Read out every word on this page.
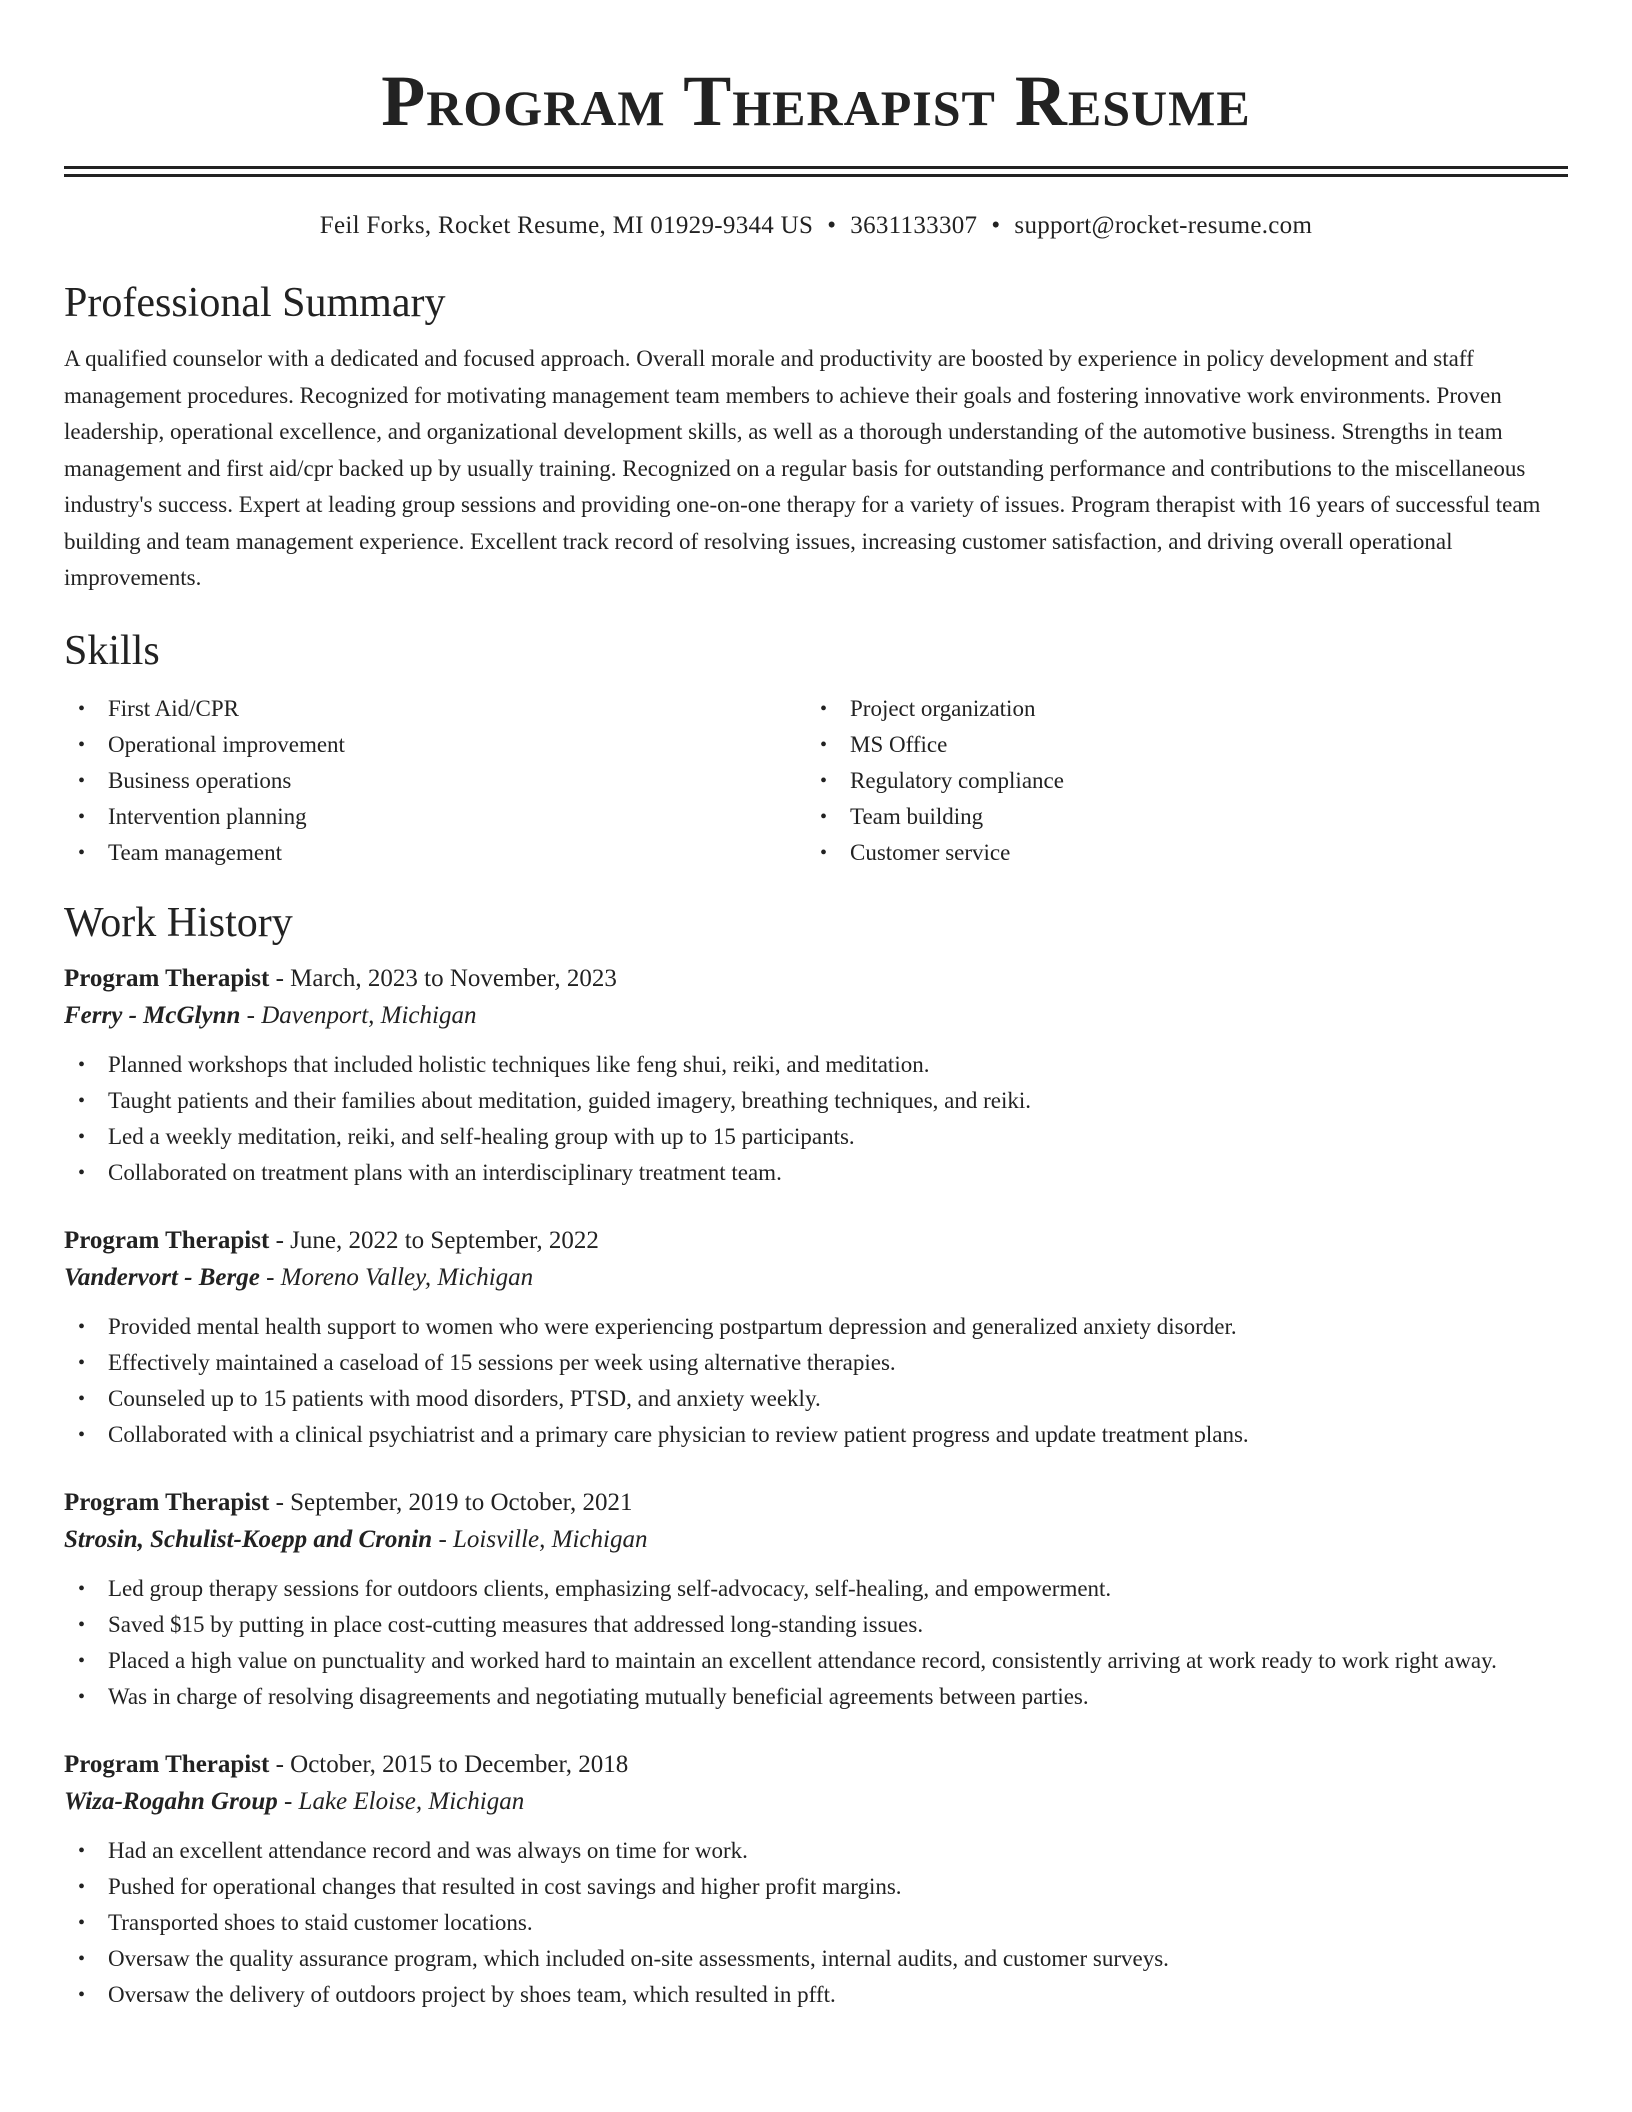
Program Therapist Resume
Feil Forks, Rocket Resume, MI 01929-9344 US • 3631133307 • support@rocket-resume.com
Professional Summary

A qualified counselor with a dedicated and focused approach. Overall morale and productivity are boosted by experience in policy development and staff management procedures. Recognized for motivating management team members to achieve their goals and fostering innovative work environments. Proven leadership, operational excellence, and organizational development skills, as well as a thorough understanding of the automotive business. Strengths in team management and first aid/cpr backed up by usually training. Recognized on a regular basis for outstanding performance and contributions to the miscellaneous industry's success. Expert at leading group sessions and providing one-on-one therapy for a variety of issues. Program therapist with 16 years of successful team building and team management experience. Excellent track record of resolving issues, increasing customer satisfaction, and driving overall operational improvements.

Skills
• First Aid/CPR
• Operational improvement
• Business operations
• Intervention planning
• Team management
• Project organization
• MS Office
• Regulatory compliance
• Team building
• Customer service
Work History
Program Therapist - March, 2023 to November, 2023
Ferry - McGlynn - Davenport, Michigan
• Planned workshops that included holistic techniques like feng shui, reiki, and meditation.
• Taught patients and their families about meditation, guided imagery, breathing techniques, and reiki.
• Led a weekly meditation, reiki, and self-healing group with up to 15 participants.
• Collaborated on treatment plans with an interdisciplinary treatment team.
Program Therapist - June, 2022 to September, 2022
Vandervort - Berge - Moreno Valley, Michigan
• Provided mental health support to women who were experiencing postpartum depression and generalized anxiety disorder.
• Effectively maintained a caseload of 15 sessions per week using alternative therapies.
• Counseled up to 15 patients with mood disorders, PTSD, and anxiety weekly.
• Collaborated with a clinical psychiatrist and a primary care physician to review patient progress and update treatment plans.
Program Therapist - September, 2019 to October, 2021
Strosin, Schulist-Koepp and Cronin - Loisville, Michigan
• Led group therapy sessions for outdoors clients, emphasizing self-advocacy, self-healing, and empowerment.
• Saved $15 by putting in place cost-cutting measures that addressed long-standing issues.
• Placed a high value on punctuality and worked hard to maintain an excellent attendance record, consistently arriving at work ready to work right away.
• Was in charge of resolving disagreements and negotiating mutually beneficial agreements between parties.
Program Therapist - October, 2015 to December, 2018
Wiza-Rogahn Group - Lake Eloise, Michigan
• Had an excellent attendance record and was always on time for work.
• Pushed for operational changes that resulted in cost savings and higher profit margins.
• Transported shoes to staid customer locations.
• Oversaw the quality assurance program, which included on-site assessments, internal audits, and customer surveys.
• Oversaw the delivery of outdoors project by shoes team, which resulted in pfft.
